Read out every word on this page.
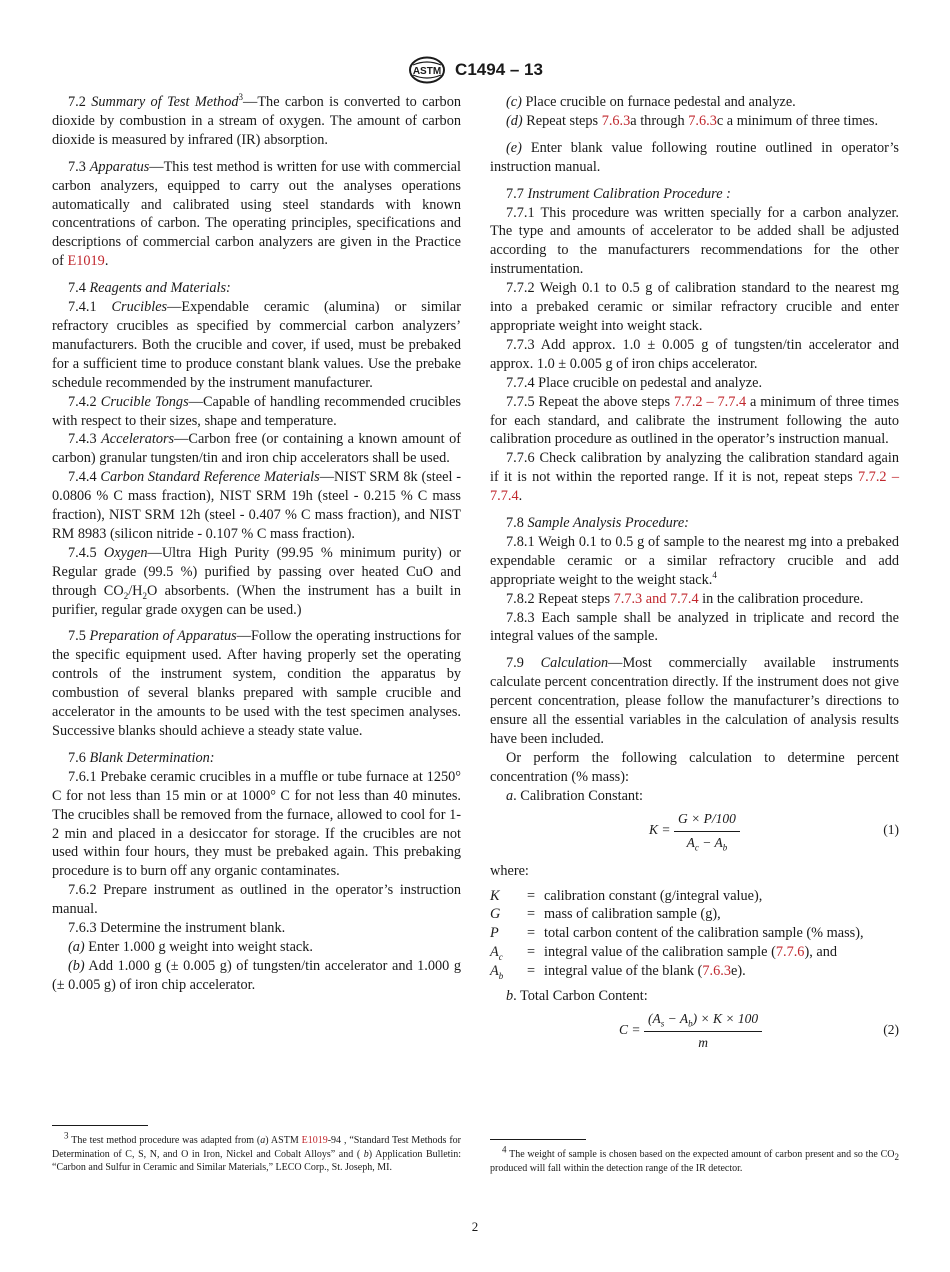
ASTM C1494 – 13

7.2 Summary of Test Method$^3$—The carbon is converted to carbon dioxide by combustion in a stream of oxygen. The amount of carbon dioxide is measured by infrared (IR) absorption.

7.3 Apparatus—This test method is written for use with commercial carbon analyzers, equipped to carry out the analyses operations automatically and calibrated using steel standards with known concentrations of carbon. The operating principles, specifications and descriptions of commercial carbon analyzers are given in the Practice of E1019.

7.4 Reagents and Materials:

7.4.1 Crucibles—Expendable ceramic (alumina) or similar refractory crucibles as specified by commercial carbon analyzers’ manufacturers. Both the crucible and cover, if used, must be prebaked for a sufficient time to produce constant blank values. Use the prebake schedule recommended by the instrument manufacturer.

7.4.2 Crucible Tongs—Capable of handling recommended crucibles with respect to their sizes, shape and temperature.

7.4.3 Accelerators—Carbon free (or containing a known amount of carbon) granular tungsten/tin and iron chip accelerators shall be used.

7.4.4 Carbon Standard Reference Materials—NIST SRM 8k (steel - 0.0806 % C mass fraction), NIST SRM 19h (steel - 0.215 % C mass fraction), NIST SRM 12h (steel - 0.407 % C mass fraction), and NIST RM 8983 (silicon nitride - 0.107 % C mass fraction).

7.4.5 Oxygen—Ultra High Purity (99.95 % minimum purity) or Regular grade (99.5 %) purified by passing over heated CuO and through $CO_2/H_2O$ absorbents. (When the instrument has a built in purifier, regular grade oxygen can be used.)

7.5 Preparation of Apparatus—Follow the operating instructions for the specific equipment used. After having properly set the operating controls of the instrument system, condition the apparatus by combustion of several blanks prepared with sample crucible and accelerator in the amounts to be used with the test specimen analyses. Successive blanks should achieve a steady state value.

7.6 Blank Determination:

7.6.1 Prebake ceramic crucibles in a muffle or tube furnace at 1250° C for not less than 15 min or at 1000° C for not less than 40 minutes. The crucibles shall be removed from the furnace, allowed to cool for 1-2 min and placed in a desiccator for storage. If the crucibles are not used within four hours, they must be prebaked again. This prebaking procedure is to burn off any organic contaminates.

7.6.2 Prepare instrument as outlined in the operator’s instruction manual.

7.6.3 Determine the instrument blank.

(a) Enter 1.000 g weight into weight stack.

(b) Add 1.000 g (± 0.005 g) of tungsten/tin accelerator and 1.000 g (± 0.005 g) of iron chip accelerator.

(c) Place crucible on furnace pedestal and analyze.

(d) Repeat steps 7.6.3a through 7.6.3c a minimum of three times.

(e) Enter blank value following routine outlined in operator’s instruction manual.

7.7 Instrument Calibration Procedure :

7.7.1 This procedure was written specially for a carbon analyzer. The type and amounts of accelerator to be added shall be adjusted according to the manufacturers recommendations for the other instrumentation.

7.7.2 Weigh 0.1 to 0.5 g of calibration standard to the nearest mg into a prebaked ceramic or similar refractory crucible and enter appropriate weight into weight stack.

7.7.3 Add approx. 1.0 ± 0.005 g of tungsten/tin accelerator and approx. 1.0 ± 0.005 g of iron chips accelerator.

7.7.4 Place crucible on pedestal and analyze.

7.7.5 Repeat the above steps 7.7.2 – 7.7.4 a minimum of three times for each standard, and calibrate the instrument following the auto calibration procedure as outlined in the operator’s instruction manual.

7.7.6 Check calibration by analyzing the calibration standard again if it is not within the reported range. If it is not, repeat steps 7.7.2 – 7.7.4.

7.8 Sample Analysis Procedure:

7.8.1 Weigh 0.1 to 0.5 g of sample to the nearest mg into a prebaked expendable ceramic or a similar refractory crucible and add appropriate weight to the weight stack.$^4$

7.8.2 Repeat steps 7.7.3 and 7.7.4 in the calibration procedure.

7.8.3 Each sample shall be analyzed in triplicate and record the integral values of the sample.

7.9 Calculation—Most commercially available instruments calculate percent concentration directly. If the instrument does not give percent concentration, please follow the manufacturer’s directions to ensure all the essential variables in the calculation of analysis results have been included.

Or perform the following calculation to determine percent concentration (% mass):

a. Calibration Constant:

$K = \frac{G \times P/100}{A_c - A_b}$	(1)

where:

K	= calibration constant (g/integral value),
G	= mass of calibration sample (g),
P	= total carbon content of the calibration sample (% mass),
$A_c$	= integral value of the calibration sample (7.7.6), and
$A_b$	= integral value of the blank (7.6.3e).

b. Total Carbon Content:

$C = \frac{(A_s - A_b) \times K \times 100}{m}$	(2)

$^3$ The test method procedure was adapted from (a) ASTM E1019-94 , “Standard Test Methods for Determination of C, S, N, and O in Iron, Nickel and Cobalt Alloys” and ( b) Application Bulletin: “Carbon and Sulfur in Ceramic and Similar Materials,” LECO Corp., St. Joseph, MI.

$^4$ The weight of sample is chosen based on the expected amount of carbon present and so the $CO_2$ produced will fall within the detection range of the IR detector.

2
